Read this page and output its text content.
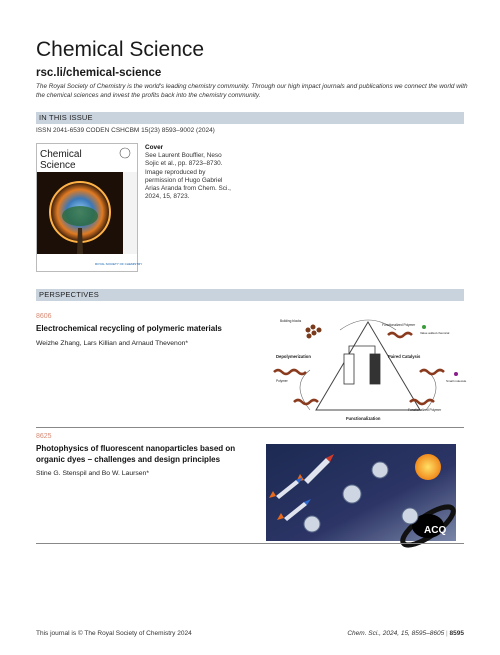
Chemical Science
rsc.li/chemical-science
The Royal Society of Chemistry is the world's leading chemistry community. Through our high impact journals and publications we connect the world with the chemical sciences and invest the profits back into the chemistry community.
IN THIS ISSUE
ISSN 2041-6539 CODEN CSHCBM 15(23) 8593–9002 (2024)
Chemical
Science
ROYAL SOCIETY OF CHEMISTRY
Cover
See Laurent Bouffier, Neso
Sojic et al., pp. 8723–8730.
Image reproduced by
permission of Hugo Gabriel
Arias Aranda from Chem. Sci.,
2024, 15, 8723.
PERSPECTIVES
8606
Electrochemical recycling of polymeric materials
Weizhe Zhang, Lars Killian and Arnaud Thevenon*
Building blocks
Functionalized Polymer
Value added chemical
Depolymerization	Paired Catalysis
Polymer	Small molecule
Functionalized Polymer
Functionalization
8625
Photophysics of fluorescent nanoparticles based on
organic dyes – challenges and design principles
Stine G. Stenspil and Bo W. Laursen*
ACQ
This journal is © The Royal Society of Chemistry 2024	Chem. Sci., 2024, 15, 8595–8605 | 8595
